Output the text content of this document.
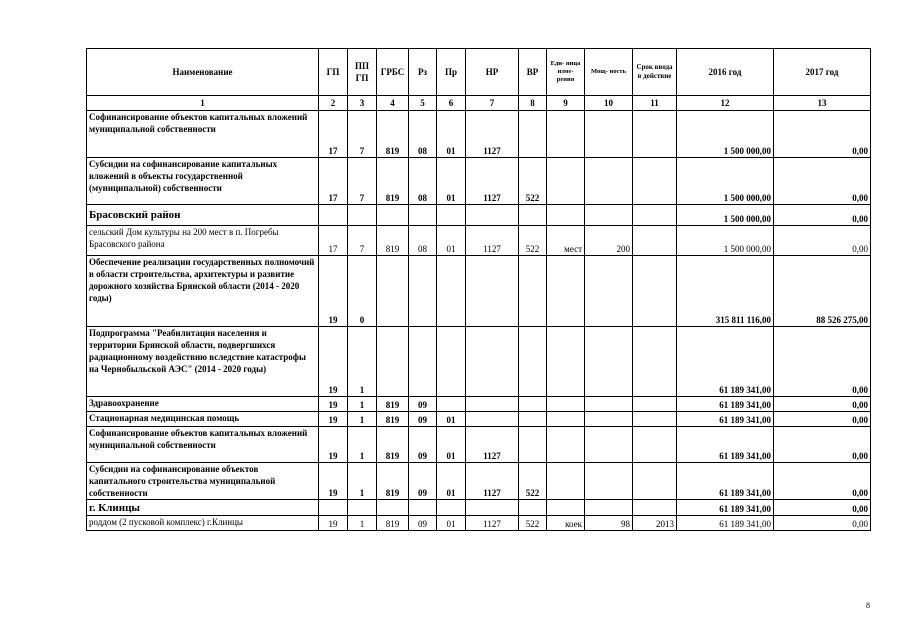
Наименование	ГП	ПП ГП	ГРБС	Рз	Пр	НР	ВР	Еди- ница изме- рения	Мощ- ность	Срок ввода в действие	2016 год	2017 год
1	2	3	4	5	6	7	8	9	10	11	12	13
Софинансирование объектов капитальных вложений муниципальной собственности	17	7	819	08	01	1127					1 500 000,00	0,00
Субсидии на софинансирование капитальных вложений в объекты государственной (муниципальной) собственности	17	7	819	08	01	1127	522				1 500 000,00	0,00
Брасовский район											1 500 000,00	0,00
сельский Дом культуры на 200 мест в п. Погребы Брасовского района	17	7	819	08	01	1127	522	мест	200		1 500 000,00	0,00
Обеспечение реализации государственных полномочий в области строительства, архитектуры и развитие дорожного хозяйства Брянской области (2014 - 2020 годы)	19	0									315 811 116,00	88 526 275,00
Подпрограмма "Реабилитация населения и территории Брянской области, подвергшихся радиационному воздействию вследствие катастрофы на Чернобыльской АЭС" (2014 - 2020 годы)	19	1									61 189 341,00	0,00
Здравоохранение	19	1	819	09							61 189 341,00	0,00
Стационарная медицинская помощь	19	1	819	09	01						61 189 341,00	0,00
Софинансирование объектов капитальных вложений муниципальной собственности	19	1	819	09	01	1127					61 189 341,00	0,00
Субсидии на софинансирование объектов капитального строительства муниципальной собственности	19	1	819	09	01	1127	522				61 189 341,00	0,00
г. Клинцы											61 189 341,00	0,00
роддом (2 пусковой комплекс) г.Клинцы	19	1	819	09	01	1127	522	коек	98	2013	61 189 341,00	0,00
8
